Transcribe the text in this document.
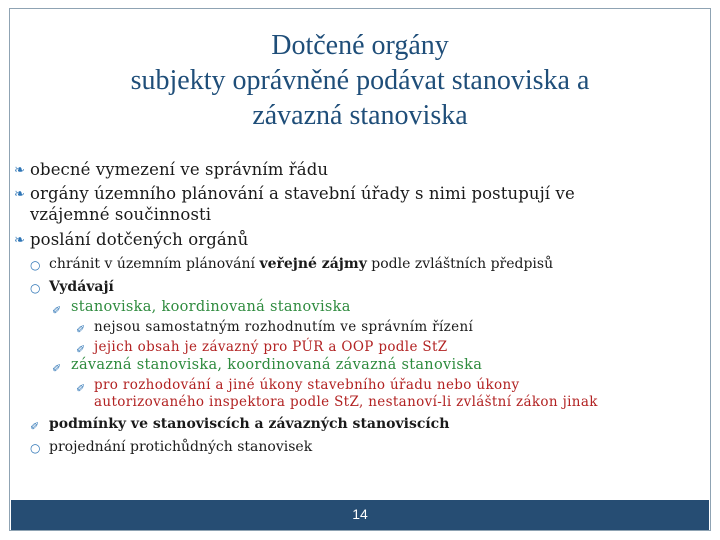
Dotčené orgány
subjekty oprávněné podávat stanoviska a
závazná stanoviska
❧ obecné vymezení ve správním řádu
❧ orgány územního plánování a stavební úřady s nimi postupují ve
vzájemné součinnosti
❧ poslání dotčených orgánů
○ chránit v územním plánování veřejné zájmy podle zvláštních předpisů
○ Vydávají
✐ stanoviska, koordinovaná stanoviska
✐ nejsou samostatným rozhodnutím ve správním řízení
✐ jejich obsah je závazný pro PÚR a OOP podle StZ
✐ závazná stanoviska, koordinovaná závazná stanoviska
✐ pro rozhodování a jiné úkony stavebního úřadu nebo úkony
autorizovaného inspektora podle StZ, nestanoví-li zvláštní zákon jinak
✐ podmínky ve stanoviscích a závazných stanoviscích
○ projednání protichůdných stanovisek
14
